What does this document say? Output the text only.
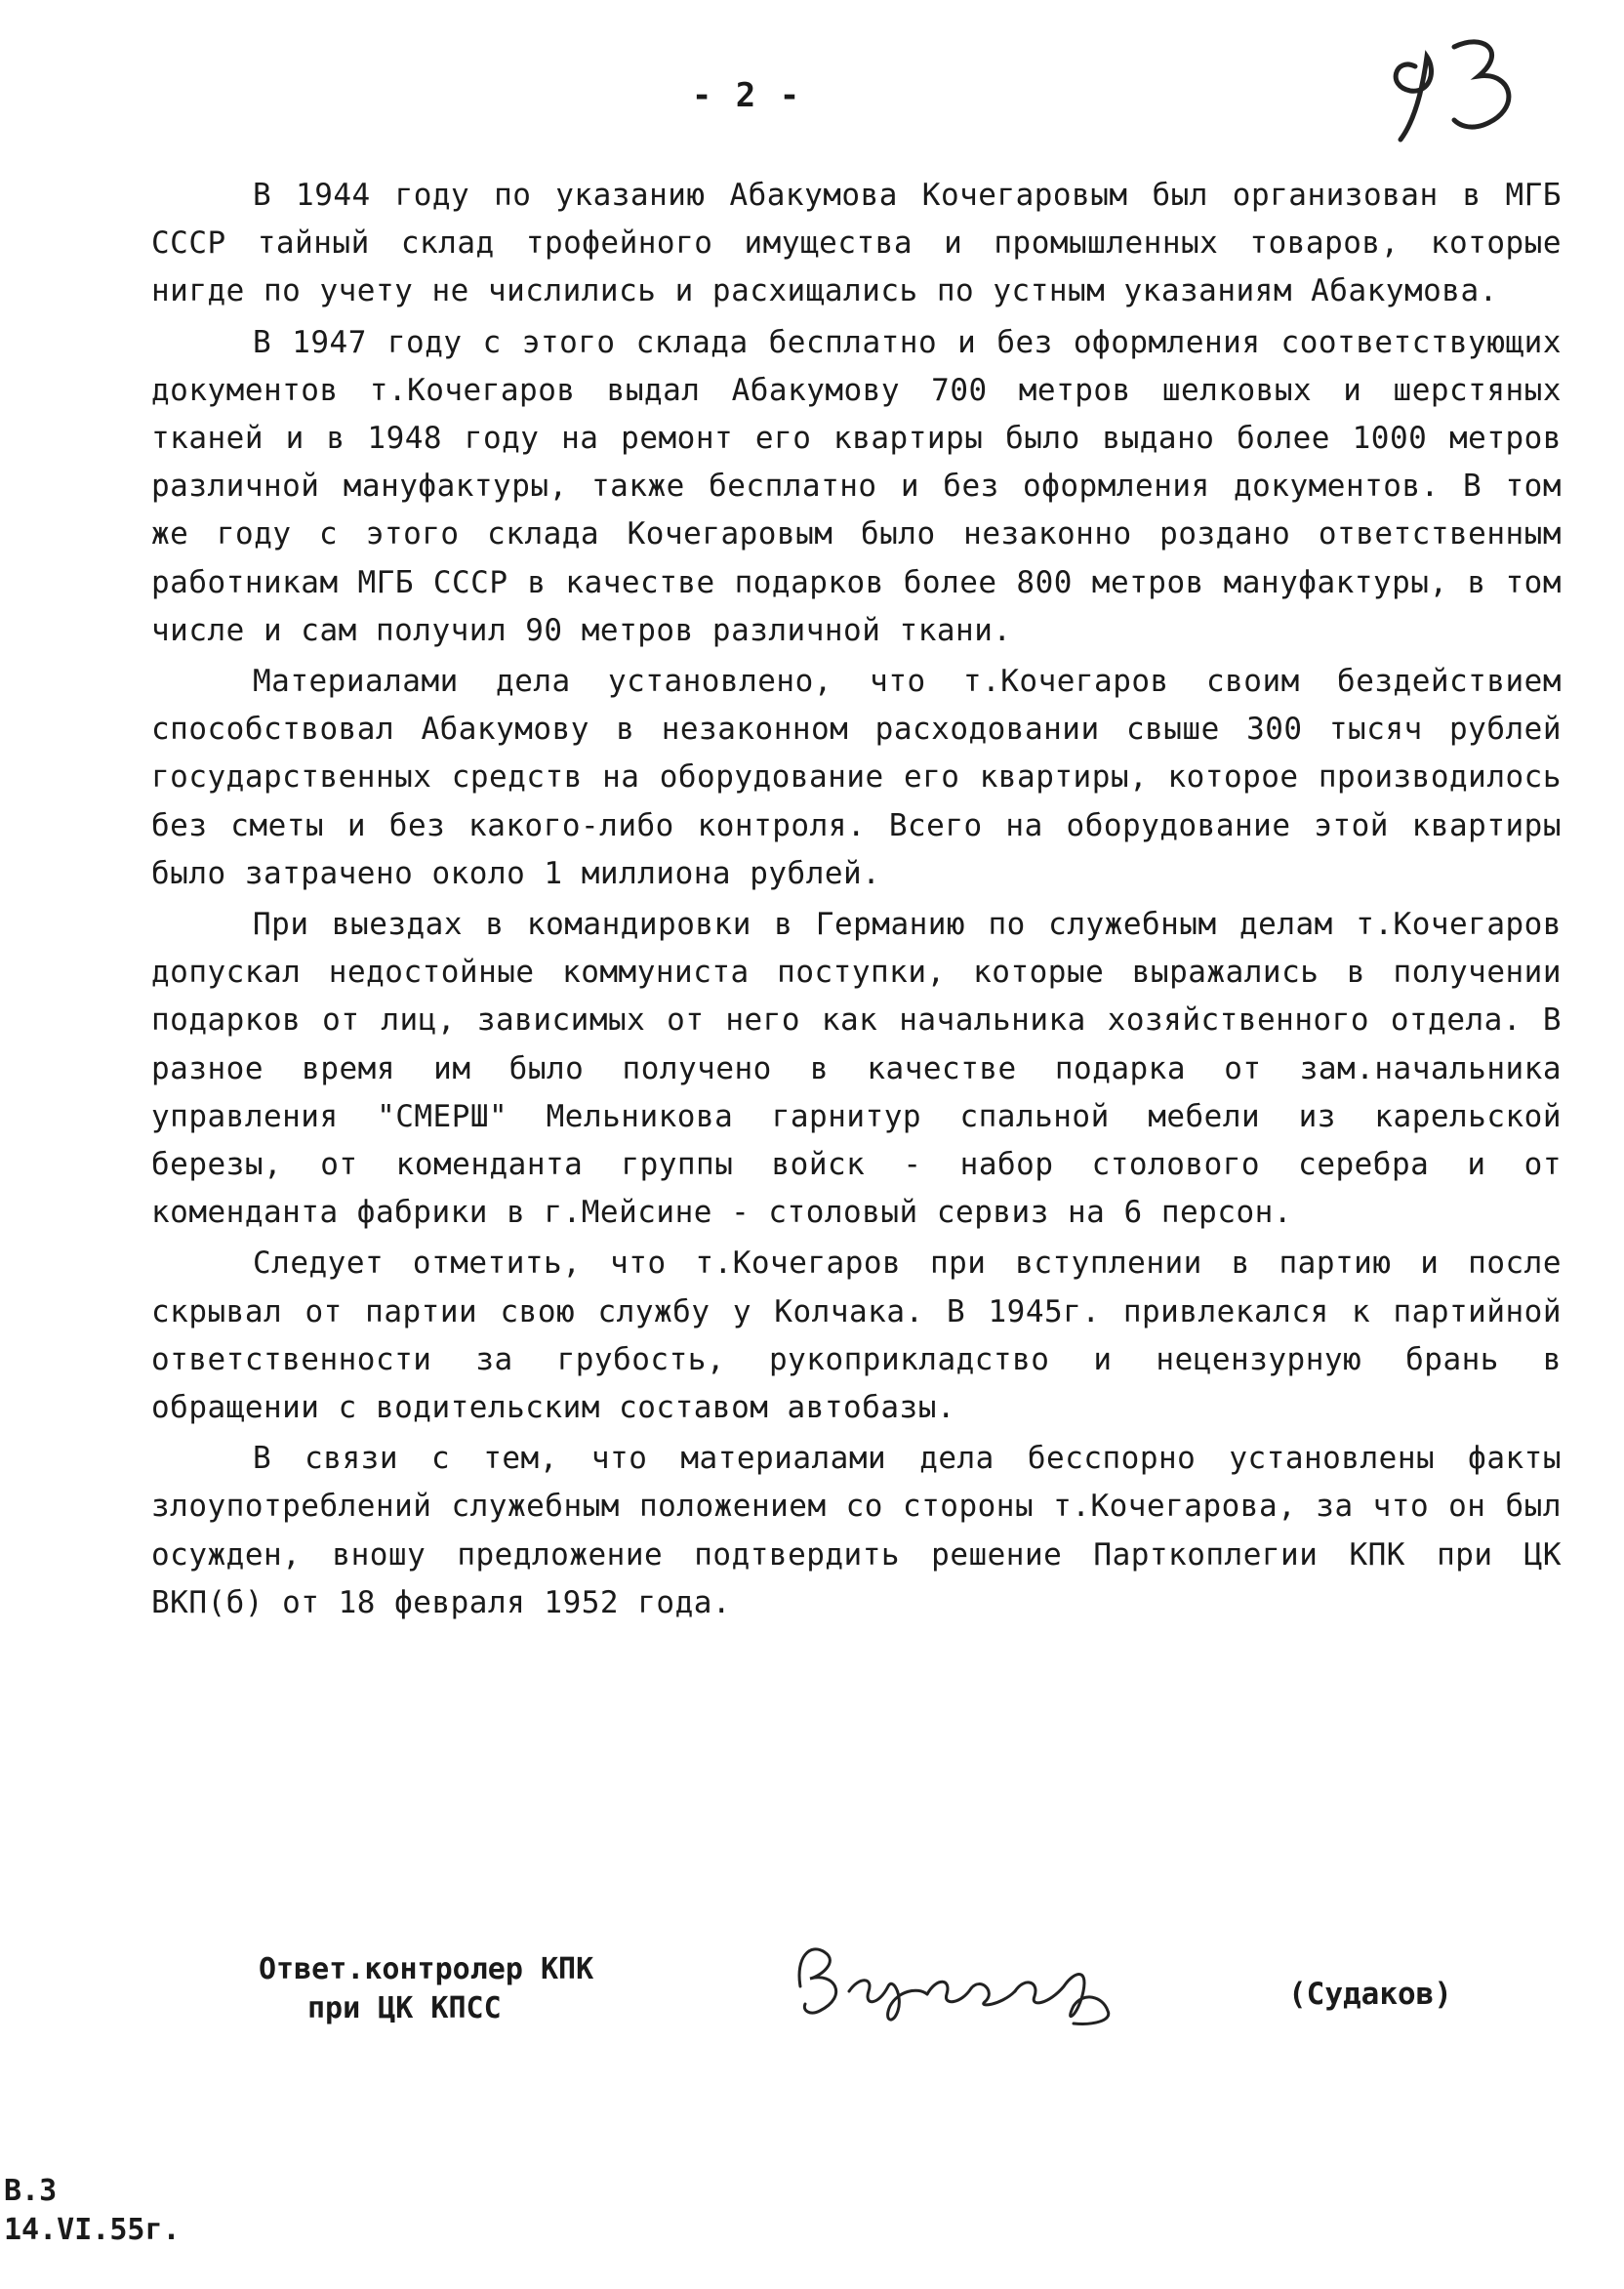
- 2 -

В 1944 году по указанию Абакумова Кочегаровым был организован в МГБ СССР тайный склад трофейного имущества и промышленных товаров, которые нигде по учету не числились и расхищались по устным указаниям Абакумова.

В 1947 году с этого склада бесплатно и без оформления соответствующих документов т.Кочегаров выдал Абакумову 700 метров шелковых и шерстяных тканей и в 1948 году на ремонт его квартиры было выдано более 1000 метров различной мануфактуры, также бесплатно и без оформления документов. В том же году с этого склада Кочегаровым было незаконно роздано ответственным работникам МГБ СССР в качестве подарков более 800 метров мануфактуры, в том числе и сам получил 90 метров различной ткани.

Материалами дела установлено, что т.Кочегаров своим бездействием способствовал Абакумову в незаконном расходовании свыше 300 тысяч рублей государственных средств на оборудование его квартиры, которое производилось без сметы и без какого-либо контроля. Всего на оборудование этой квартиры было затрачено около 1 миллиона рублей.

При выездах в командировки в Германию по служебным делам т.Кочегаров допускал недостойные коммуниста поступки, которые выражались в получении подарков от лиц, зависимых от него как начальника хозяйственного отдела. В разное время им было получено в качестве подарка от зам.начальника управления "СМЕРШ" Мельникова гарнитур спальной мебели из карельской березы, от коменданта группы войск - набор столового серебра и от коменданта фабрики в г.Мейсине - столовый сервиз на 6 персон.

Следует отметить, что т.Кочегаров при вступлении в партию и после скрывал от партии свою службу у Колчака. В 1945г. привлекался к партийной ответственности за грубость, рукоприкладство и нецензурную брань в обращении с водительским составом автобазы.

В связи с тем, что материалами дела бесспорно установлены факты злоупотреблений служебным положением со стороны т.Кочегарова, за что он был осужден, вношу предложение подтвердить решение Парткоплегии КПК при ЦК ВКП(б) от 18 февраля 1952 года.

Ответ.контролер КПК
при ЦК КПСС	(Судаков)
В.З
14.VI.55г.
